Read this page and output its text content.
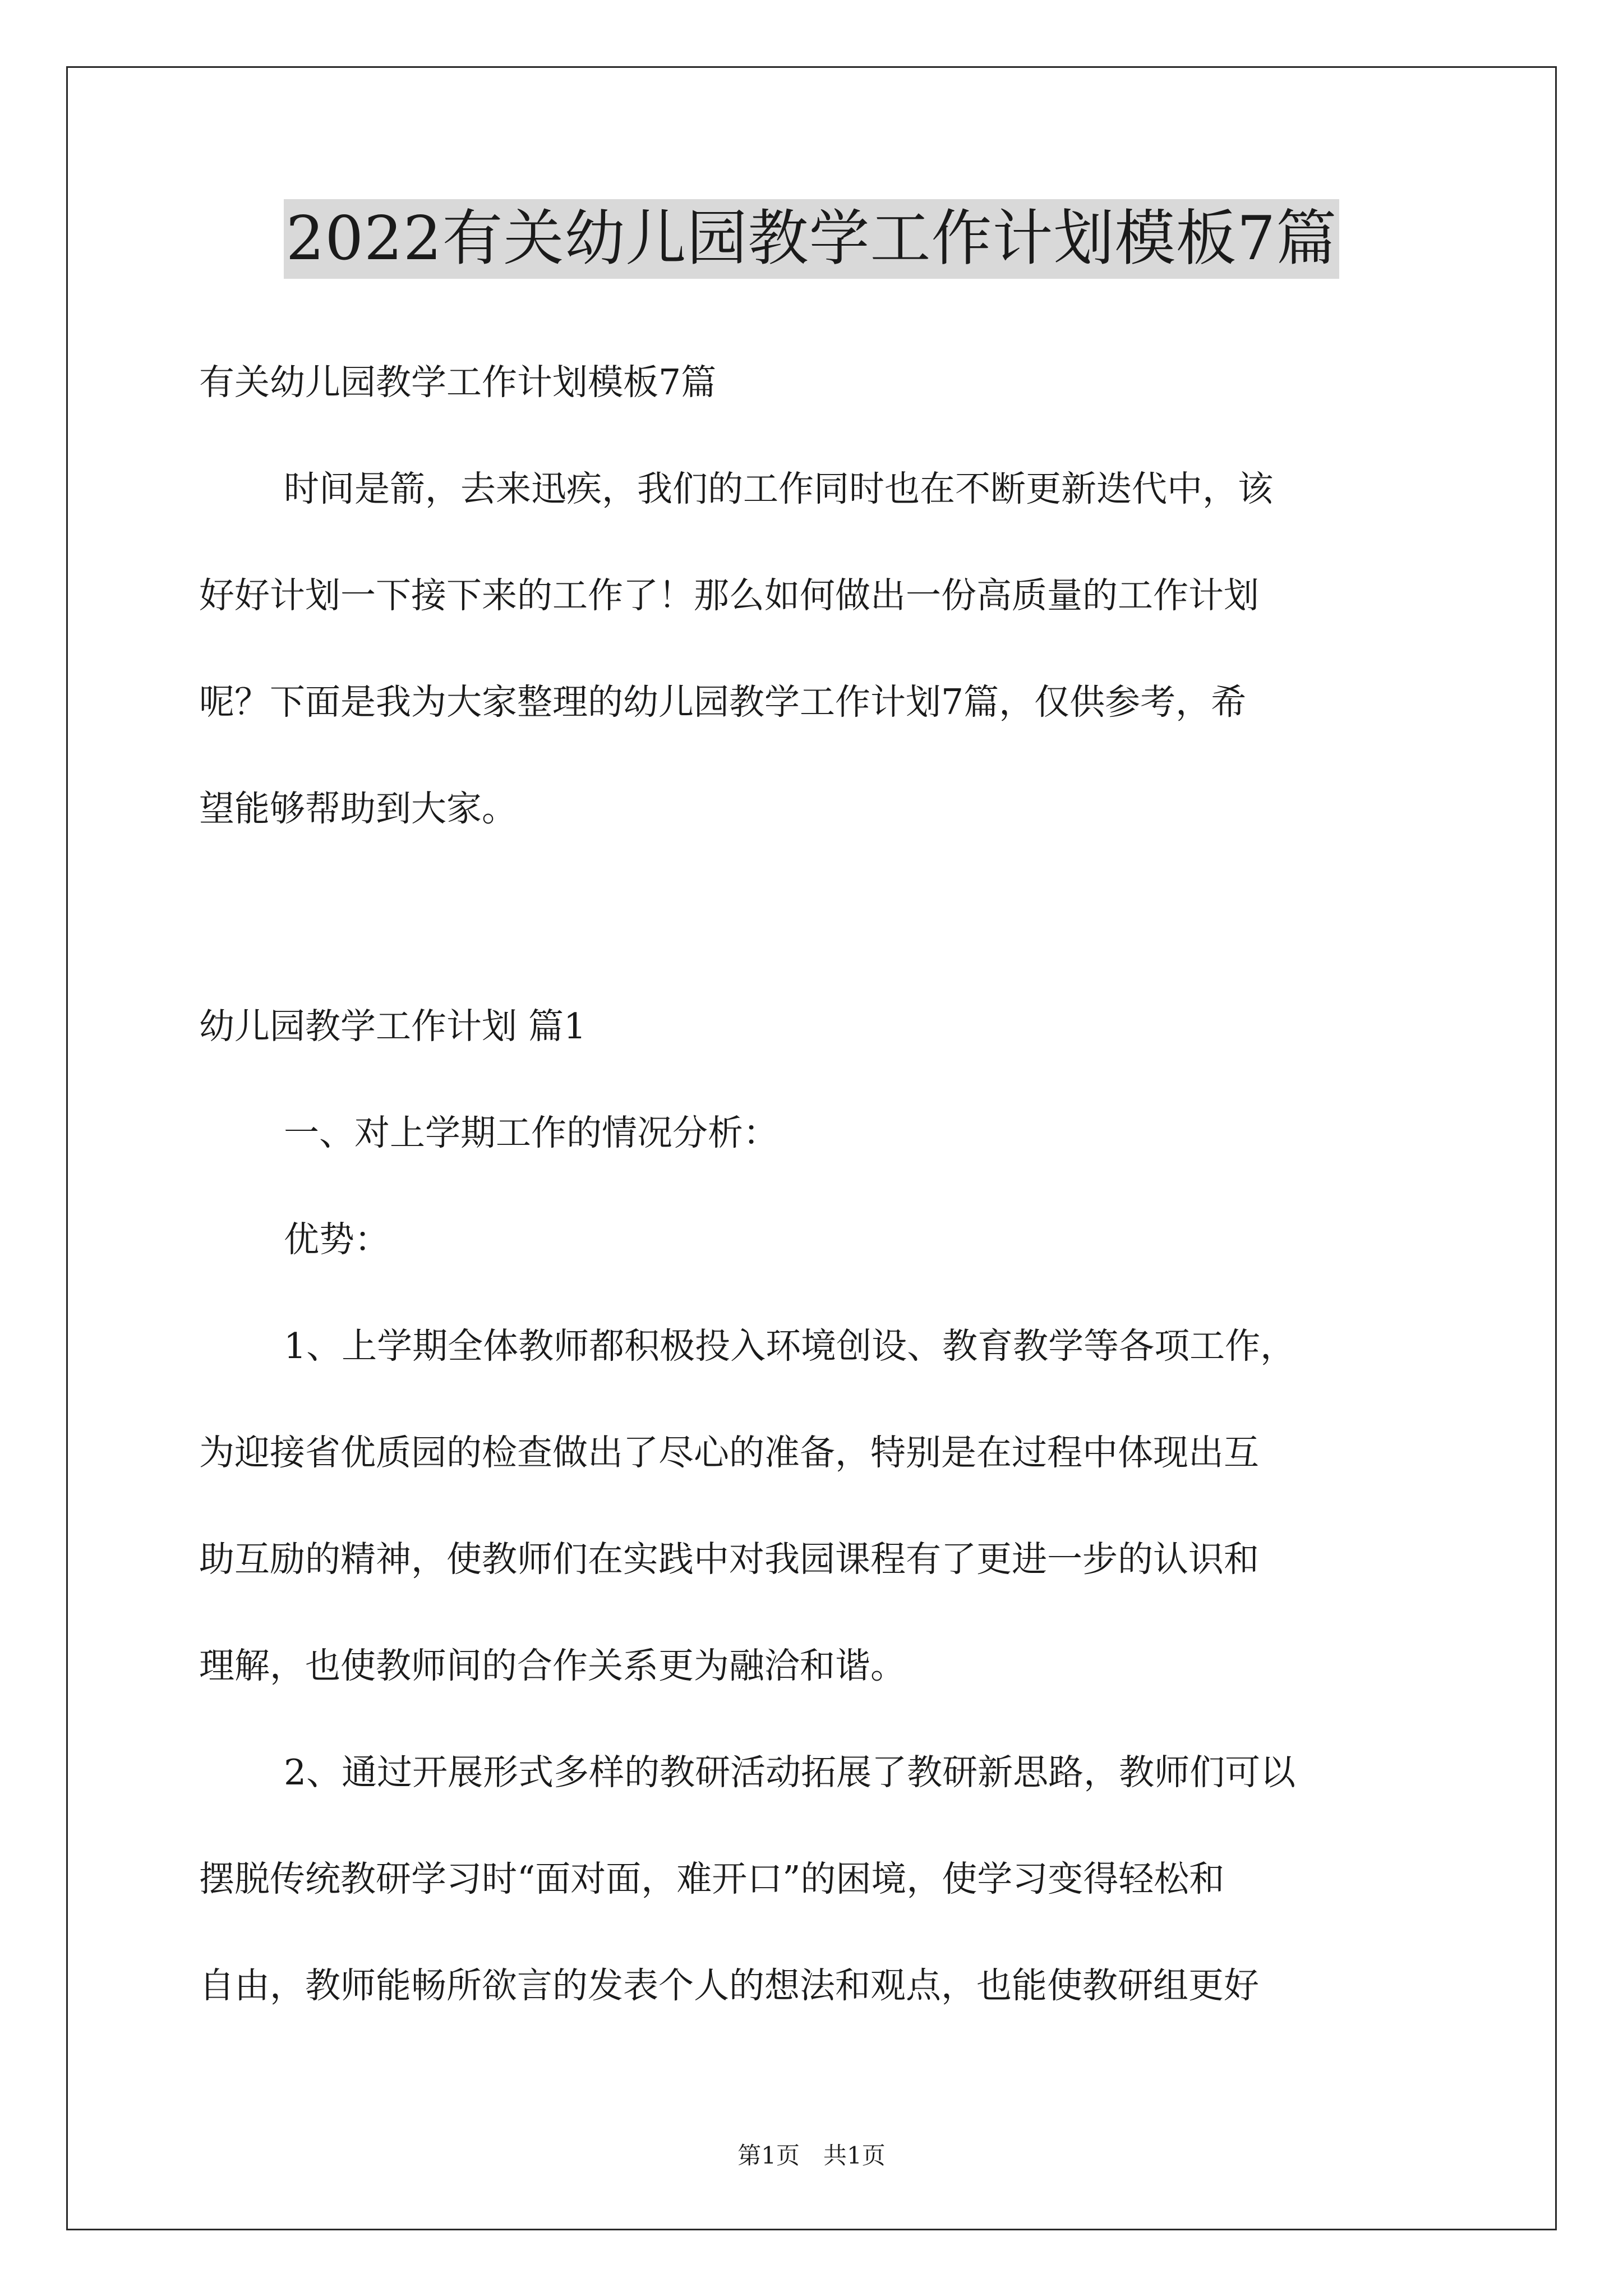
2022有关幼儿园教学工作计划模板7篇
有关幼儿园教学工作计划模板7篇
时间是箭，去来迅疾，我们的工作同时也在不断更新迭代中，该
好好计划一下接下来的工作了！那么如何做出一份高质量的工作计划
呢？下面是我为大家整理的幼儿园教学工作计划7篇，仅供参考，希
望能够帮助到大家。
幼儿园教学工作计划 篇1
一、对上学期工作的情况分析：
优势：
1、上学期全体教师都积极投入环境创设、教育教学等各项工作，
为迎接省优质园的检查做出了尽心的准备，特别是在过程中体现出互
助互励的精神，使教师们在实践中对我园课程有了更进一步的认识和
理解，也使教师间的合作关系更为融洽和谐。
2、通过开展形式多样的教研活动拓展了教研新思路，教师们可以
摆脱传统教研学习时“面对面，难开口”的困境，使学习变得轻松和
自由，教师能畅所欲言的发表个人的想法和观点，也能使教研组更好
第1页　共1页
